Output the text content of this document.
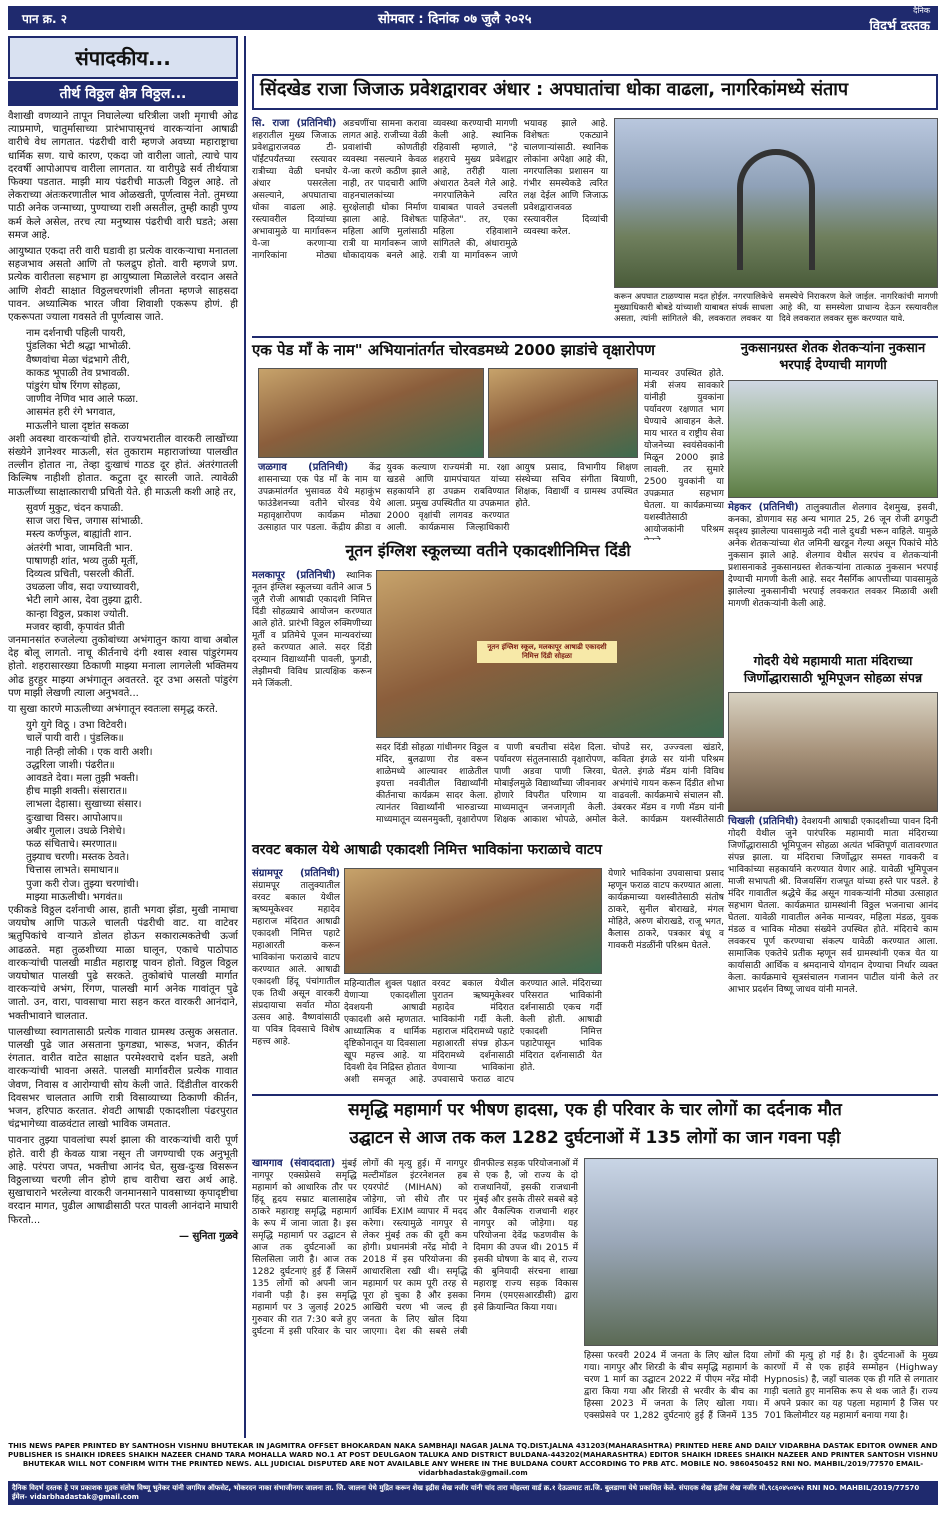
पान क्र. २	सोमवार : दिनांक ०७ जुलै २०२५
दैनिक
विदर्भ दस्तक
संपादकीय...
तीर्थ विठ्ठल क्षेत्र विठ्ठल...

वैशाखी वणव्याने तापून निघालेल्या धरित्रीला जशी मृगाची ओढ त्याप्रमाणे, चातुर्मासाच्या प्रारंभापासूनचं वारकऱ्यांना आषाढी वारीचे वेध लागतात. पंढरीची वारी म्हणजे अवघ्या महाराष्ट्राचा धार्मिक सण. याचे कारण, एकदा जो वारीला जातो, त्याचे पाय दरवर्षी आपोआपच वारीला लागतात. या वारीपुढे सर्व तीर्थयात्रा फिक्या पडतात. माझी माय पंढरीची माऊली विठ्ठल आहे. तो लेकराच्या अंतःकरणातील भाव ओळखती, पूर्णत्वास नेतो. तुमच्या पाठी अनेक जन्माच्या, पुण्याच्या राशी असतील, तुम्ही काही पुण्य कर्म केले असेल, तरच त्या मनुष्यास पंढरीची वारी घडते; असा समज आहे.

आयुष्यात एकदा तरी वारी घडावी हा प्रत्येक वारकऱ्याचा मनातला सहजभाव असतो आणि तो फलद्रुप होतो. वारी म्हणजे प्रण. प्रत्येक वारीतला सहभाग हा आयुष्याला मिळालेले वरदान असते आणि शेवटी साक्षात विठ्ठलचरणांशी लीनता म्हणजे साहसदा पावन. अध्यात्मिक भारत जीवा शिवाशी एकरूप होणं. ही एकरूपता ज्याला गवसते ती पूर्णत्वास जाते.

नाम दर्शनाची पहिली पायरी,
पुंडलिका भेटी श्रद्धा भाभोळी.
वैष्णवांचा मेळा चंद्रभागे तीरी,
काकड भूपाळी तेव प्रभावळी.
पांडुरंग घोष रिंगण सोहळा,
जाणीव नेणिव भाव आले फळा.
आसमंत हरी रंगे भगवात,
माऊलीने घाला दृष्टांत सकळा

अशी अवस्था वारकऱ्यांची होते. राज्यभरातील वारकरी लाखोंच्या संख्येने ज्ञानेश्वर माऊली, संत तुकाराम महाराजांच्या पालखीत तल्लीन होतात ना, तेव्हा दुःखाचं गाठड दूर होतं. अंतरंगातली किल्मिष नाहीशी होतात. कटुता दूर सारली जाते. त्यावेळी माऊलींच्या साक्षात्काराची प्रचिती येते. ही माऊली कशी आहे तर,

सुवर्ण मुकुट, चंदन कपाळी.
साज जरा चित्त, जगास सांभाळी.
मस्त्य कर्णफुल, बाह्यांती शान.
अंतरंगी भावा, जामविती भान.
पाषाणही शांत, भव्य तुळी मूर्ती,
दिव्यत्व प्रचिती, पसरली कीर्ती.
उधळला जीव, सदा ज्याच्यावरी,
भेटी लागे आस, देवा तुझ्या द्वारी.
कान्हा विठ्ठल, प्रकाश ज्योती.
मजवर व्हावी, कृपावंत प्रीती

जनमानसांत रुजलेल्या तुकोबांच्या अभंगातुन काया वाचा अबोल देह बोलू लागतो. नाचू कीर्तनाचे दंगी श्वास श्वास पांडुरंगमय होतो. शहरासारख्या ठिकाणी माझ्या मनाला लागलेली भक्तिमय ओढ हुरहुर माझ्या अभंगातून अवतरते. दूर उभा असतो पांडुरंग पण माझी लेखणी त्याला अनुभवते...

या सुखा कारणे माऊलीच्या अभंगातून स्वतःला समृद्ध करते.

युगे युगे विठू । उभा विटेवरी।
चालें पायी वारी । पुंडलिक॥
नाही तिन्ही लोकी । एक वारी अशी।
उद्धरिला जाशी। पंढरीत॥
आवडते देवा। मला तुझी भक्ती।
हीच माझी शक्ती। संसारात॥
लाभला देहासा। सुखाच्या संसार।
दुःखाचा विसर। आपोआप॥
अबीर गुलाल। उधळे निशेचे।
फळ संचिताचे। स्मरणात॥
तुझ्याच चरणी। मस्तक ठेवते।
चित्तास लाभते। समाधान॥
पुजा करी रोज। तुझ्या चरणांची।
माझ्या माऊलीची। भगवंत॥

एकीकडे विठ्ठल दर्शनाची आस, हाती भगवा झेंडा, मुखी नामाचा जयघोष आणि पाऊले चालती पंढरीची वाट. या वाटेवर ऋतुपिकांचे वाऱ्याने डोलत होऊन सकारात्मकतेची ऊर्जा आढळते. महा तुळशीच्या माळा घालून, एकाचे पाठोपाठ वारकऱ्यांची पालखी माडीत महाराष्ट्र पावन होतो. विठ्ठल विठ्ठल जयघोषात पालखी पुढे सरकते. तुकोबांचे पालखी मार्गात वारकऱ्यांचे अभंग, रिंगण, पालखी मार्ग अनेक गावांतून पुढे जातो. उन, वारा, पावसाचा मारा सहन करत वारकरी आनंदाने, भक्तीभावाने चालतात.

पालखीच्या स्वागतासाठी प्रत्येक गावात ग्रामस्थ उत्सुक असतात. पालखी पुढे जात असताना फुगड्या, भारूड, भजन, कीर्तन रंगतात. वारीत वाटेत साक्षात परमेश्वराचे दर्शन घडते, अशी वारकऱ्यांची भावना असते. पालखी मार्गावरील प्रत्येक गावात जेवण, निवास व आरोग्याची सोय केली जाते. दिंडीतील वारकरी दिवसभर चालतात आणि रात्री विसाव्याच्या ठिकाणी कीर्तन, भजन, हरिपाठ करतात. शेवटी आषाढी एकादशीला पंढरपुरात चंद्रभागेच्या वाळवंटात लाखो भाविक जमतात.

पावनार तुझ्या पावलांचा स्पर्श झाला की वारकऱ्यांची वारी पूर्ण होते. वारी ही केवळ यात्रा नसून ती जगण्याची एक अनुभूती आहे. परंपरा जपत, भक्तीचा आनंद घेत, सुख-दुःख विसरून विठ्ठलाच्या चरणी लीन होणे हाच वारीचा खरा अर्थ आहे. सुखाचाराने भरलेल्या वारकरी जनमानसाने पावसाच्या कृपादृष्टीचा वरदान मागत, पुढील आषाढीसाठी परत पावली आनंदाने माघारी फिरतो...

— सुनिता गुळवे

सिंदखेड राजा जिजाऊ प्रवेशद्वारावर अंधार : अपघातांचा धोका वाढला, नागरिकांमध्ये संताप
सि. राजा (प्रतिनिधी) शहरातील मुख्य जिजाऊ प्रवेशद्वाराजवळ टी-पॉईंटपर्यंतच्या रस्त्यावर रात्रीच्या वेळी घनघोर अंधार पसरलेला असल्याने, अपघाताचा धोका वाढला आहे. रस्त्यावरील दिव्यांच्या अभावामुळे या मार्गावरून ये-जा करणाऱ्या नागरिकांना मोठ्या अडचणींचा सामना करावा लागत आहे. राजीच्या वेळी प्रवाशांची कोणतीही व्यवस्था नसल्याने केवळ ये-जा करणे कठीण झाले नाही, तर पादचारी आणि वाहनचालकांच्या सुरक्षेलाही धोका निर्माण झाला आहे. विशेषतः महिला आणि मुलांसाठी रात्री या मार्गावरून जाणे धोकादायक बनले आहे. व्यवस्था करण्याची मागणी केली आहे. स्थानिक रहिवासी म्हणाले, "हे शहराचे मुख्य प्रवेशद्वार आहे, तरीही याला अंधारात ठेवले गेले आहे. नगरपालिकेने त्वरित याबाबत पावले उचलली पाहिजेत". तर, एका महिला रहिवाशाने सांगितले की, अंधारामुळे रात्री या मार्गावरून जाणे भयावह झाले आहे. विशेषतः एकट्याने चालणाऱ्यांसाठी. स्थानिक लोकांना अपेक्षा आहे की, नगरपालिका प्रशासन या गंभीर समस्येकडे त्वरित लक्ष देईल आणि जिजाऊ प्रवेशद्वाराजवळ रस्त्यावरील दिव्यांची व्यवस्था करेल.
करून अपघात टाळण्यास मदत होईल. नगरपालिकेचे मुख्याधिकारी बोबडे यांच्याशी याबाबत संपर्क साधला असता, त्यांनी सांगितले की, लवकरात लवकर या समस्येचे निराकरण केले जाईल. नागरिकांची मागणी आहे की, या समस्येला प्राधान्य देऊन रस्त्यावरील दिवे लवकरात लवकर सुरू करण्यात यावे.
एक पेड माँ के नाम" अभियानांतर्गत चोरवडमध्ये 2000 झाडांचे वृक्षारोपण
जळगाव (प्रतिनिधी) केंद्र शासनाच्या एक पेड माँ के नाम या उपक्रमांतर्गत भुसावळ येथे महाकुंभ फाउंडेशनच्या वतीने चोरवड येथे महावृक्षारोपण कार्यक्रम मोठ्या उत्साहात पार पडला. केंद्रीय क्रीडा व युवक कल्याण राज्यमंत्री मा. रक्षा खडसे आणि ग्रामपंचायत यांच्या सहकार्याने हा उपक्रम राबविण्यात आला. प्रमुख उपस्थितीत या उपक्रमात 2000 वृक्षांची लागवड करण्यात आली. कार्यक्रमास जिल्हाधिकारी आयुष प्रसाद, विभागीय शिक्षण संस्थेच्या सचिव संगीता बियाणी, शिक्षक, विद्यार्थी व ग्रामस्थ उपस्थित होते.
मान्यवर उपस्थित होते. मंत्री संजय सावकारे यांनीही युवकांना पर्यावरण रक्षणात भाग घेण्याचे आवाहन केले. माय भारत व राष्ट्रीय सेवा योजनेच्या स्वयंसेवकांनी मिळून 2000 झाडे लावली. तर सुमारे 2500 युवकांनी या उपक्रमात सहभाग घेतला. या कार्यक्रमाच्या यशस्वीतेसाठी आयोजकांनी परिश्रम
नुकसानग्रस्त शेतक शेतकऱ्यांना नुकसान भरपाई देण्याची मागणी
मेहकर (प्रतिनिधी) तालुक्यातील शेलगाव देशमुख, इसवी, कनका, डोणगाव सह अन्य भागात 25, 26 जून रोजी ढगफुटी सदृश्य झालेल्या पावसामुळे नदी नाले दुथडी भरून वाहिले. यामुळे अनेक शेतकऱ्यांच्या शेत जमिनी खरडून गेल्या असून पिकांचे मोठे नुकसान झाले आहे. शेलगाव येथील सरपंच व शेतकऱ्यांनी प्रशासनाकडे नुकसानग्रस्त शेतकऱ्यांना तात्काळ नुकसान भरपाई देण्याची मागणी केली आहे. सदर नैसर्गिक आपत्तीच्या पावसामुळे झालेल्या नुकसानीची भरपाई लवकरात लवकर मिळावी अशी मागणी शेतकऱ्यांनी केली आहे.
नूतन इंग्लिश स्कूलच्या वतीने एकादशीनिमित्त दिंडी
मलकापूर (प्रतिनिधी) स्थानिक नूतन इंग्लिश स्कूलच्या वतीने आज 5 जुलै रोजी आषाढी एकादशी निमित्त दिंडी सोहळ्याचे आयोजन करण्यात आले होते. प्रारंभी विठ्ठल रुक्मिणीच्या मूर्ती व प्रतिमेचे पूजन मान्यवरांच्या हस्ते करण्यात आले. सदर दिंडी दरम्यान विद्यार्थ्यांनी पावली, फुगडी, लेझीमची विविध प्रात्यक्षिक करून मने जिंकली.
नूतन इंग्लिश स्कूल, मलकापूर आषाढी एकादशी निमित्त दिंडी सोहळा
सदर दिंडी सोहळा गांधीनगर विठ्ठल मंदिर, बुलढाणा रोड वरून शाळेमध्ये आल्यावर शाळेतील इयत्ता नववीतील विद्यार्थ्यांनी कीर्तनाचा कार्यक्रम सादर केला. त्यानंतर विद्यार्थ्यांनी भारुडाच्या माध्यमातून व्यसनमुक्ती, वृक्षारोपण व पाणी बचतीचा संदेश दिला. पर्यावरण संतुलनासाठी वृक्षारोपण, पाणी अडवा पाणी जिरवा, मोबाईलमुळे विद्यार्थ्यांच्या जीवनावर होणारे विपरीत परिणाम या माध्यमातून जनजागृती केली. शिक्षक आकाश भोपळे, अमोल चोपडे सर, उज्ज्वला खंडारे, कविता इंगळे सर यांनी परिश्रम घेतले. इंगळे मॅडम यांनी विविध अभंगांचे गायन करून दिंडीत शोभा वाढवली. कार्यक्रमाचे संचालन सौ. उंबरकर मॅडम व गणी मॅडम यांनी केले. कार्यक्रम यशस्वीतेसाठी
गोदरी येथे महामायी माता मंदिराच्या जिर्णोद्धारासाठी भूमिपूजन सोहळा संपन्न
चिखली (प्रतिनिधी) देवशयनी आषाढी एकादशीच्या पावन दिनी गोदरी येथील जुने पारंपरिक महामायी माता मंदिराच्या जिर्णोद्धारासाठी भूमिपूजन सोहळा अत्यंत भक्तिपूर्ण वातावरणात संपन्न झाला. या मंदिराचा जिर्णोद्धार समस्त गावकरी व भाविकांच्या सहकार्याने करण्यात येणार आहे. यावेळी भूमिपूजन माजी सभापती श्री. विजयसिंग राजपूत यांच्या हस्ते पार पडले. हे मंदिर गावातील श्रद्धेचे केंद्र असून गावकऱ्यांनी मोठ्या उत्साहात सहभाग घेतला. कार्यक्रमात ग्रामस्थांनी विठ्ठल भजनाचा आनंद घेतला. यावेळी गावातील अनेक मान्यवर, महिला मंडळ, युवक मंडळ व भाविक मोठ्या संख्येने उपस्थित होते. मंदिराचे काम लवकरच पूर्ण करण्याचा संकल्प यावेळी करण्यात आला. सामाजिक एकतेचे प्रतीक म्हणून सर्व ग्रामस्थांनी एकत्र येत या कार्यासाठी आर्थिक व श्रमदानाचे योगदान देण्याचा निर्धार व्यक्त केला. कार्यक्रमाचे सूत्रसंचालन गजानन पाटील यांनी केले तर आभार प्रदर्शन विष्णू जाधव यांनी मानले.
वरवट बकाल येथे आषाढी एकादशी निमित्त भाविकांना फराळाचे वाटप
संग्रामपूर (प्रतिनिधी) संग्रामपूर तालुक्यातील वरवट बकाल येथील ऋष्यमूकेश्वर महादेव महाराज मंदिरात आषाढी एकादशी निमित्त पहाटे महाआरती करून भाविकांना फराळाचे वाटप करण्यात आले. आषाढी एकादशी हिंदू पंचांगातील एक तिथी असून वारकरी संप्रदायाचा सर्वात मोठा उत्सव आहे. वैष्णवांसाठी या पवित्र दिवसाचे विशेष महत्त्व आहे.
महिन्यातील शुक्ल पक्षात येणाऱ्या एकादशीला देवशयनी आषाढी एकादशी असे म्हणतात. आध्यात्मिक व धार्मिक दृष्टिकोनातून या दिवसाला खूप महत्त्व आहे. या दिवशी देव निद्रिस्त होतात अशी समजूत आहे. वरवट बकाल येथील पुरातन ऋष्यमूकेश्वर महादेव मंदिरात भाविकांनी गर्दी केली. महाराज मंदिरामध्ये पहाटे महाआरती संपन्न होऊन मंदिरामध्ये दर्शनासाठी येणाऱ्या भाविकांना उपवासाचे फराळ वाटप करण्यात आले. मंदिराच्या परिसरात भाविकांनी दर्शनासाठी एकच गर्दी केली होती. आषाढी एकादशी निमित्त पहाटेपासून भाविक मंदिरात दर्शनासाठी येत होते.
येणारे भाविकांना उपवासाचा प्रसाद म्हणून फराळ वाटप करण्यात आला. कार्यक्रमाच्या यशस्वीतेसाठी संतोष ठाकरे, सुनील बोराखडे, मंगल मोहिते, अरुण बोराखडे, राजू भगत, कैलास ठाकरे, पत्रकार बंधू व गावकरी मंडळींनी परिश्रम घेतले.
समृद्धि महामार्ग पर भीषण हादसा, एक ही परिवार के चार लोगों का दर्दनाक मौत
उद्घाटन से आज तक कल 1282 दुर्घटनाओं में 135 लोगों का जान गवना पड़ी
खामगाव (संवाददाता) मुंबई नागपूर एक्सप्रेसवे समृद्धि महामार्ग को आधारिक तौर पर हिंदू हृदय सम्राट बालासाहेब ठाकरे महाराष्ट्र समृद्धि महामार्ग के रूप में जाना जाता है। इस समृद्धि महामार्ग पर उद्घाटन से आज तक दुर्घटनाओं का सिलसिला जारी है। आज तक 1282 दुर्घटनाएं हुई हैं जिसमें 135 लोगों को अपनी जान गंवानी पड़ी है। इस समृद्धि महामार्ग पर 3 जुलाई 2025 गुरुवार की रात 7:30 बजे हुए दुर्घटना में इसी परिवार के चार लोगों की मृत्यु हुई। में नागपुर मल्टीमॉडल इंटरनेशनल हब एयरपोर्ट (MIHAN) को जोड़ेगा, जो सीधे तौर पर आर्थिक EXIM व्यापार में मदद करेगा। रस्त्यामुळे नागपुर से लेकर मुंबई तक की दूरी कम होगी। प्रधानमंत्री नरेंद्र मोदी ने 2018 में इस परियोजना की आधारशिला रखी थी। समृद्धि महामार्ग पर काम पूरी तरह से पूरा हो चुका है और इसका आखिरी चरण भी जल्द ही जनता के लिए खोल दिया जाएगा। देश की सबसे लंबी ग्रीनफील्ड सड़क परियोजनाओं में से एक है, जो राज्य के दो राजधानियों, इसकी राजधानी मुंबई और इसके तीसरे सबसे बड़े और वैकल्पिक राजधानी शहर नागपुर को जोड़ेगा। यह परियोजना देवेंद्र फडणवीस के दिमाग की उपज थी। 2015 में इसकी घोषणा के बाद से, राज्य की बुनियादी संरचना शाखा महाराष्ट्र राज्य सड़क विकास निगम (एमएसआरडीसी) द्वारा इसे क्रियान्वित किया गया।
हिस्सा फरवरी 2024 में जनता के लिए खोल दिया गया। नागपुर और शिरडी के बीच समृद्धि महामार्ग के चरण 1 मार्ग का उद्घाटन 2022 में पीएम नरेंद्र मोदी द्वारा किया गया और शिरडी से भरवीर के बीच का हिस्सा 2023 में जनता के लिए खोला गया। एक्सप्रेसवे पर 1,282 दुर्घटनाएं हुई हैं जिनमें 135 लोगों की मृत्यु हो गई है। है। दुर्घटनाओं के मुख्य कारणों में से एक हाईवे सम्मोहन (Highway Hypnosis) है, जहाँ चालक एक ही गति से लगातार गाड़ी चलाते हुए मानसिक रूप से थक जाते हैं। राज्य में अपने प्रकार का यह पहला महामार्ग है जिस पर 701 किलोमीटर यह महामार्ग बनाया गया है।
THIS NEWS PAPER PRINTED BY SANTHOSH VISHNU BHUTEKAR IN JAGMITRA OFFSET BHOKARDAN NAKA SAMBHAJI NAGAR JALNA TQ.DIST.JALNA 431203(MAHARASHTRA) PRINTED HERE AND DAILY VIDARBHA DASTAK EDITOR OWNER AND PUBLISHER IS SHAIKH IDREES SHAIKH NAZEER CHAND TARA MOHALLA WARD NO.1 AT POST DEULGAON TALUKA AND DISTRICT BULDANA-443202(MAHARASHTRA) EDITOR SHAIKH IDREES SHAIKH NAZEER AND PRINTER SANTOSH VISHNU BHUTEKAR WILL NOT CONFIRM WITH THE PRINTED NEWS. ALL JUDICIAL DISPUTED ARE NOT AVAILABLE ANY WHERE IN THE BULDANA COURT ACCORDING TO PRB ATC. MOBILE NO. 9860450452 RNI NO. MAHBIL/2019/77570 EMAIL- vidarbhadastak@gmail.com
दैनिक विदर्भ दस्तक हे पत्र प्रकाशक मुद्रक संतोष विष्णू भुतेकर यांनी जगमित्र ऑफसेट, भोकरदन नाका संभाजीनगर जालना ता. जि. जालना येथे मुद्रित करून शेख इद्रीस शेख नजीर यांनी चांद तारा मोहल्ला वार्ड क्र.१ देऊळघाट ता.जि. बुलडाणा येथे प्रकाशित केले. संपादक शेख इद्रीस शेख नजीर मो.९८६०४५०४५२ RNI NO. MAHBIL/2019/77570 ईमेल- vidarbhadastak@gmail.com
